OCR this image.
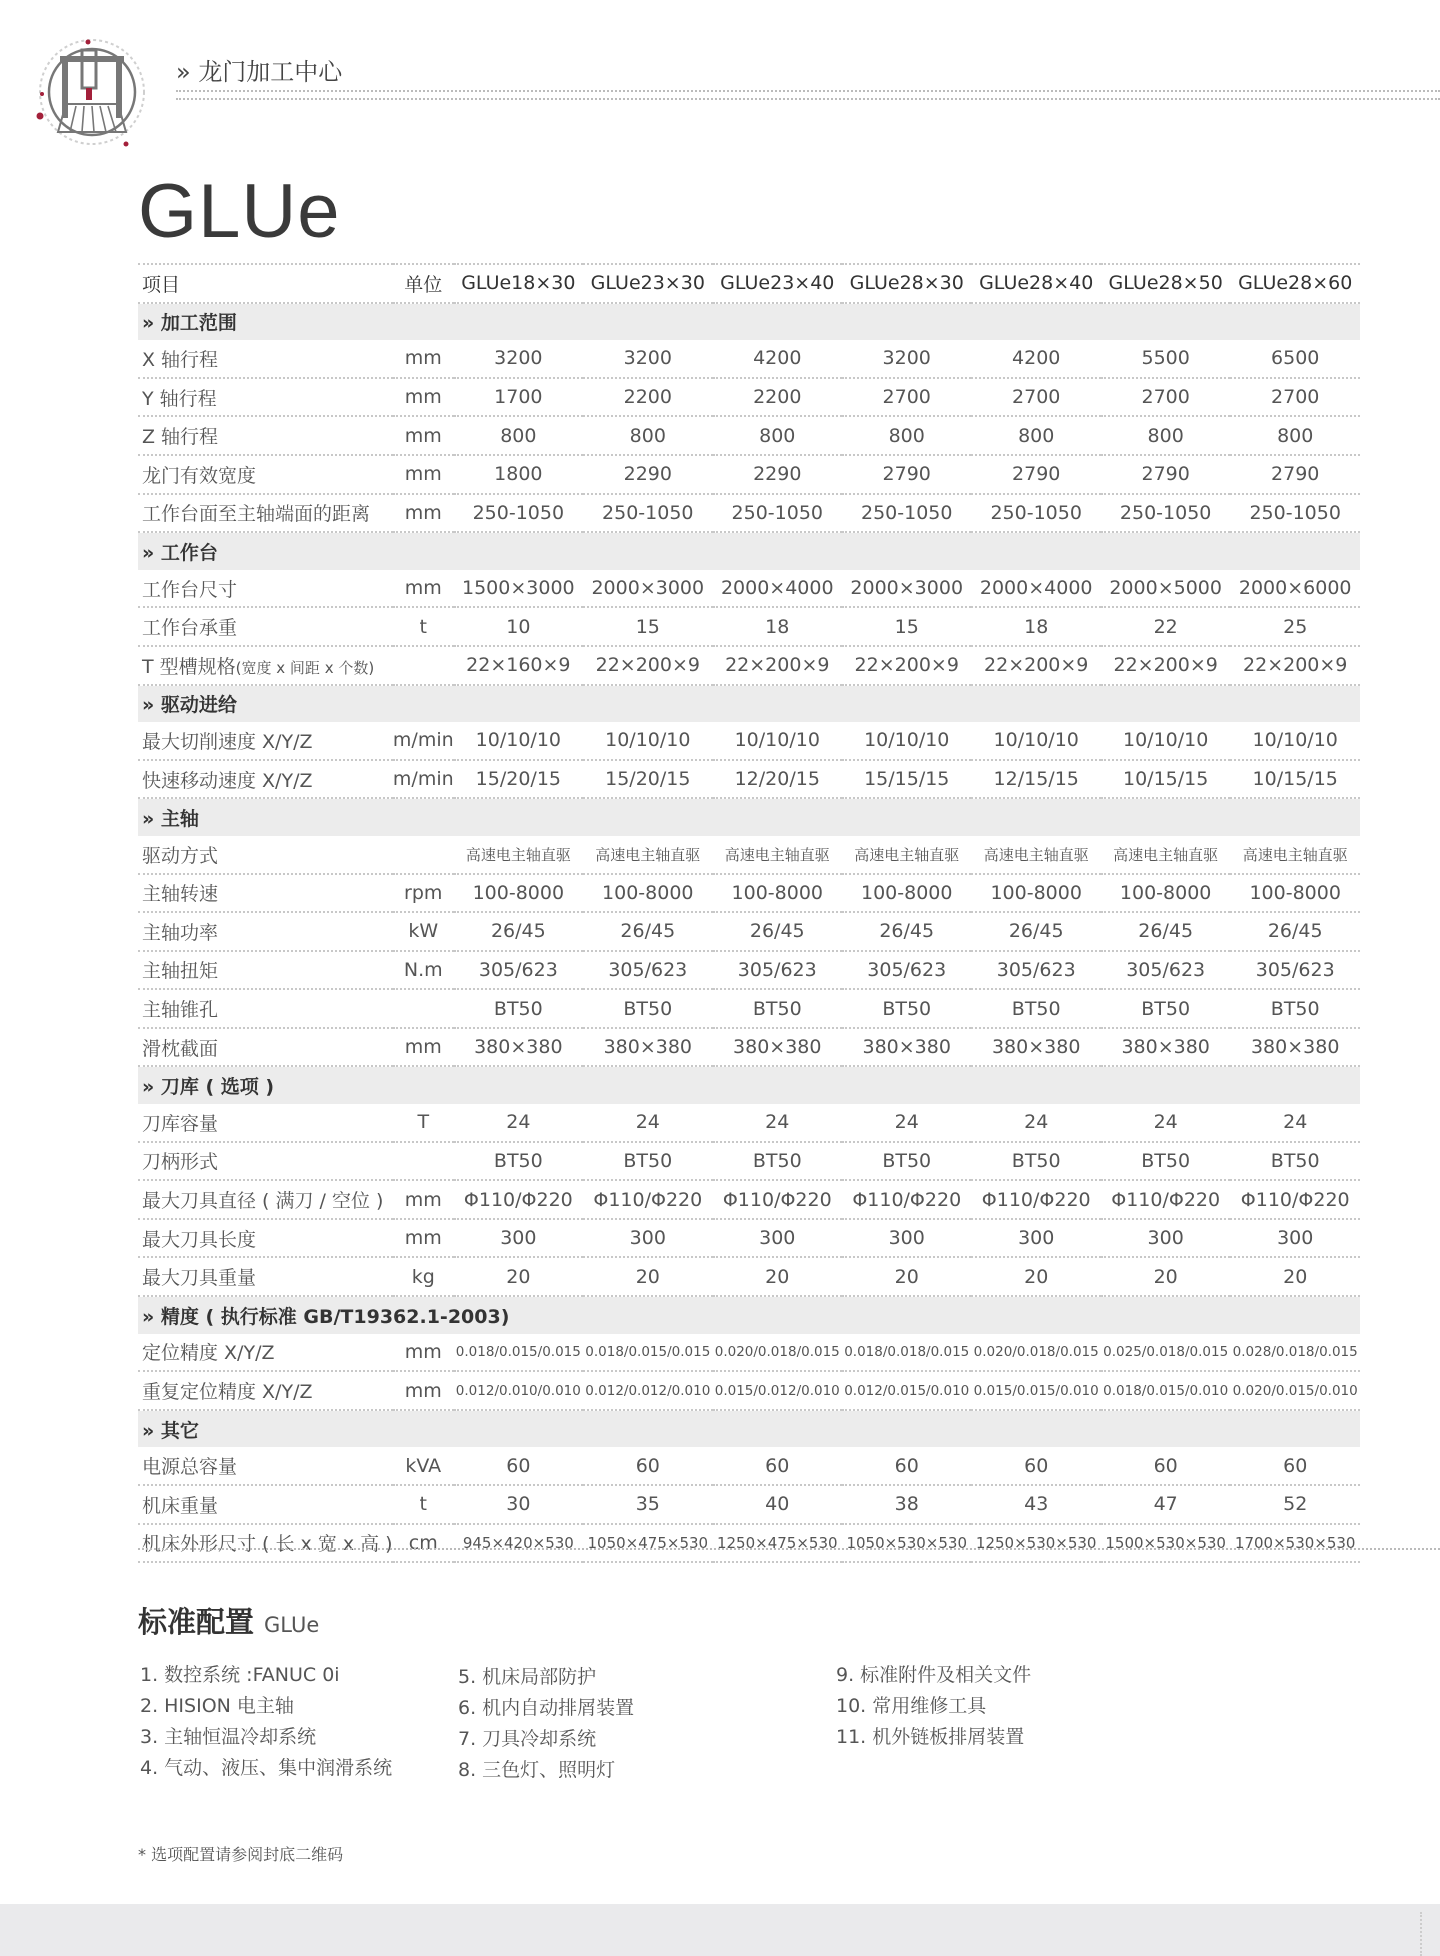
» 龙门加工中心
GLUe
项目	单位	GLUe18×30	GLUe23×30	GLUe23×40	GLUe28×30	GLUe28×40	GLUe28×50	GLUe28×60
» 加工范围								
X 轴行程	mm	3200	3200	4200	3200	4200	5500	6500
Y 轴行程	mm	1700	2200	2200	2700	2700	2700	2700
Z 轴行程	mm	800	800	800	800	800	800	800
龙门有效宽度	mm	1800	2290	2290	2790	2790	2790	2790
工作台面至主轴端面的距离	mm	250-1050	250-1050	250-1050	250-1050	250-1050	250-1050	250-1050
» 工作台								
工作台尺寸	mm	1500×3000	2000×3000	2000×4000	2000×3000	2000×4000	2000×5000	2000×6000
工作台承重	t	10	15	18	15	18	22	25
T 型槽规格(宽度 x 间距 x 个数)		22×160×9	22×200×9	22×200×9	22×200×9	22×200×9	22×200×9	22×200×9
» 驱动进给								
最大切削速度 X/Y/Z	m/min	10/10/10	10/10/10	10/10/10	10/10/10	10/10/10	10/10/10	10/10/10
快速移动速度 X/Y/Z	m/min	15/20/15	15/20/15	12/20/15	15/15/15	12/15/15	10/15/15	10/15/15
» 主轴								
驱动方式		高速电主轴直驱	高速电主轴直驱	高速电主轴直驱	高速电主轴直驱	高速电主轴直驱	高速电主轴直驱	高速电主轴直驱
主轴转速	rpm	100-8000	100-8000	100-8000	100-8000	100-8000	100-8000	100-8000
主轴功率	kW	26/45	26/45	26/45	26/45	26/45	26/45	26/45
主轴扭矩	N.m	305/623	305/623	305/623	305/623	305/623	305/623	305/623
主轴锥孔		BT50	BT50	BT50	BT50	BT50	BT50	BT50
滑枕截面	mm	380×380	380×380	380×380	380×380	380×380	380×380	380×380
» 刀库 ( 选项 )								
刀库容量	T	24	24	24	24	24	24	24
刀柄形式		BT50	BT50	BT50	BT50	BT50	BT50	BT50
最大刀具直径 ( 满刀 / 空位 )	mm	Φ110/Φ220	Φ110/Φ220	Φ110/Φ220	Φ110/Φ220	Φ110/Φ220	Φ110/Φ220	Φ110/Φ220
最大刀具长度	mm	300	300	300	300	300	300	300
最大刀具重量	kg	20	20	20	20	20	20	20
» 精度 ( 执行标准 GB/T19362.1-2003)								
定位精度 X/Y/Z	mm	0.018/0.015/0.015	0.018/0.015/0.015	0.020/0.018/0.015	0.018/0.018/0.015	0.020/0.018/0.015	0.025/0.018/0.015	0.028/0.018/0.015
重复定位精度 X/Y/Z	mm	0.012/0.010/0.010	0.012/0.012/0.010	0.015/0.012/0.010	0.012/0.015/0.010	0.015/0.015/0.010	0.018/0.015/0.010	0.020/0.015/0.010
» 其它								
电源总容量	kVA	60	60	60	60	60	60	60
机床重量	t	30	35	40	38	43	47	52
机床外形尺寸 ( 长 x 宽 x 高 )	cm	945×420×530	1050×475×530	1250×475×530	1050×530×530	1250×530×530	1500×530×530	1700×530×530
标准配置 GLUe
1. 数控系统 :FANUC 0i
2. HISION 电主轴
3. 主轴恒温冷却系统
4. 气动、液压、集中润滑系统
5. 机床局部防护
6. 机内自动排屑装置
7. 刀具冷却系统
8. 三色灯、照明灯
9. 标准附件及相关文件
10. 常用维修工具
11. 机外链板排屑装置
* 选项配置请参阅封底二维码
